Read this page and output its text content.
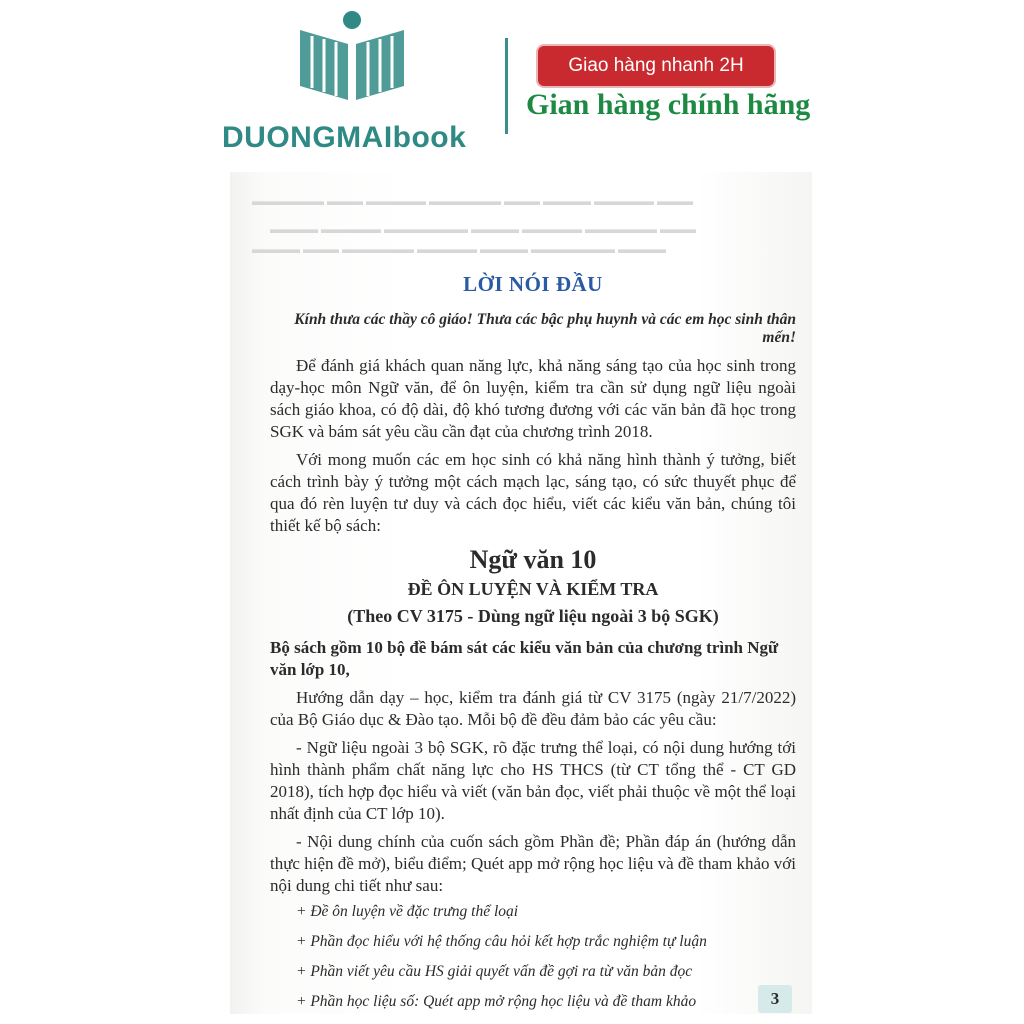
DUONGMAIbook
Giao hàng nhanh 2H
Gian hàng chính hãng
▬▬▬▬▬▬ ▬▬▬ ▬▬▬▬▬ ▬▬▬▬▬▬ ▬▬▬ ▬▬▬▬ ▬▬▬▬▬ ▬▬▬
▬▬▬▬ ▬▬▬▬▬ ▬▬▬▬▬▬▬ ▬▬▬▬ ▬▬▬▬▬ ▬▬▬▬▬▬ ▬▬▬
▬▬▬▬ ▬▬▬ ▬▬▬▬▬▬ ▬▬▬▬▬ ▬▬▬▬ ▬▬▬▬▬▬▬ ▬▬▬▬
LỜI NÓI ĐẦU
Kính thưa các thầy cô giáo! Thưa các bậc phụ huynh và các em học sinh thân mến!
Để đánh giá khách quan năng lực, khả năng sáng tạo của học sinh trong dạy-học môn Ngữ văn, để ôn luyện, kiểm tra cần sử dụng ngữ liệu ngoài sách giáo khoa, có độ dài, độ khó tương đương với các văn bản đã học trong SGK và bám sát yêu cầu cần đạt của chương trình 2018.
Với mong muốn các em học sinh có khả năng hình thành ý tưởng, biết cách trình bày ý tưởng một cách mạch lạc, sáng tạo, có sức thuyết phục để qua đó rèn luyện tư duy và cách đọc hiểu, viết các kiểu văn bản, chúng tôi thiết kế bộ sách:
Ngữ văn 10
ĐỀ ÔN LUYỆN VÀ KIỂM TRA
(Theo CV 3175 - Dùng ngữ liệu ngoài 3 bộ SGK)
Bộ sách gồm 10 bộ đề bám sát các kiểu văn bản của chương trình Ngữ văn lớp 10,
Hướng dẫn dạy – học, kiểm tra đánh giá từ CV 3175 (ngày 21/7/2022) của Bộ Giáo dục & Đào tạo. Mỗi bộ đề đều đảm bảo các yêu cầu:
- Ngữ liệu ngoài 3 bộ SGK, rõ đặc trưng thể loại, có nội dung hướng tới hình thành phẩm chất năng lực cho HS THCS (từ CT tổng thể - CT GD 2018), tích hợp đọc hiểu và viết (văn bản đọc, viết phải thuộc về một thể loại nhất định của CT lớp 10).
- Nội dung chính của cuốn sách gồm Phần đề; Phần đáp án (hướng dẫn thực hiện đề mở), biểu điểm; Quét app mở rộng học liệu và đề tham khảo với nội dung chi tiết như sau:
+ Đề ôn luyện về đặc trưng thể loại
+ Phần đọc hiểu với hệ thống câu hỏi kết hợp trắc nghiệm tự luận
+ Phần viết yêu cầu HS giải quyết vấn đề gợi ra từ văn bản đọc
+ Phần học liệu số: Quét app mở rộng học liệu và đề tham khảo	3
